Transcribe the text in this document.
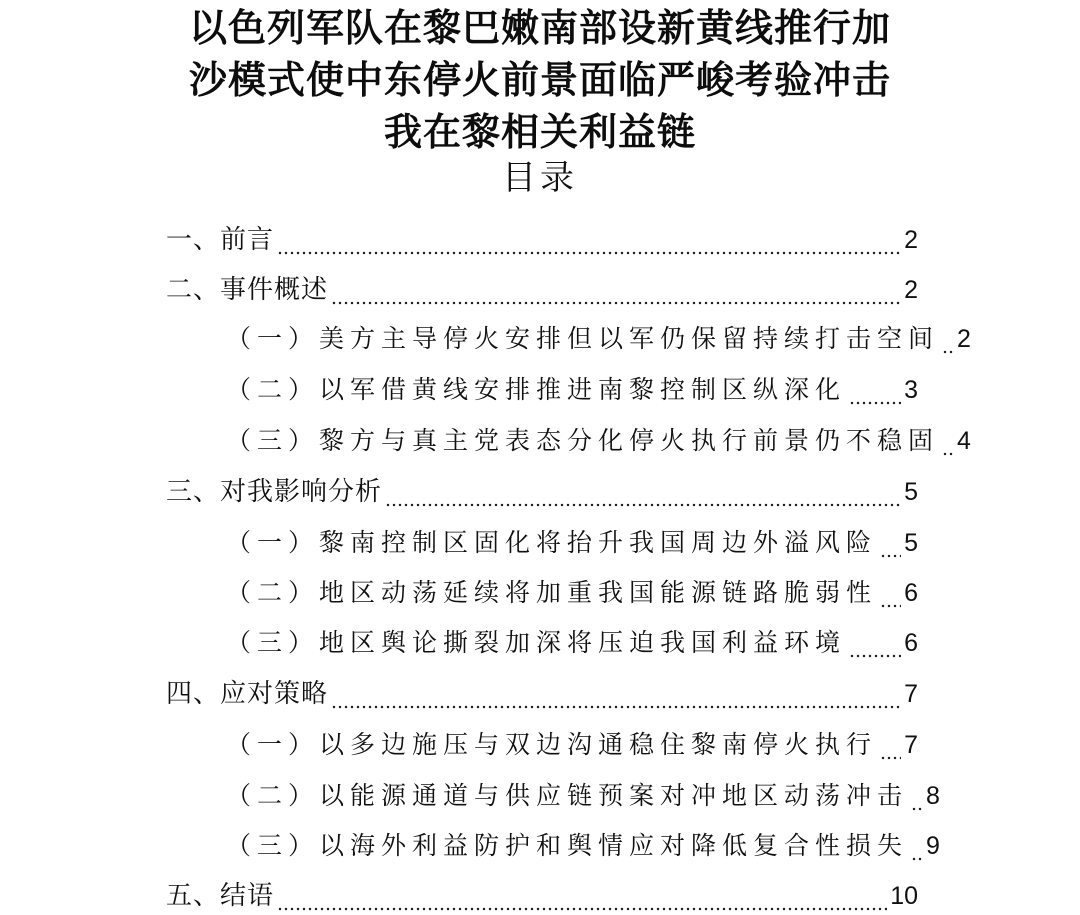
以色列军队在黎巴嫩南部设新黄线推行加
沙模式使中东停火前景面临严峻考验冲击
我在黎相关利益链
目录
一、前言	2
二、事件概述	2
（一）美方主导停火安排但以军仍保留持续打击空间 2
（二）以军借黄线安排推进南黎控制区纵深化 3
（三）黎方与真主党表态分化停火执行前景仍不稳固 4
三、对我影响分析	5
（一）黎南控制区固化将抬升我国周边外溢风险 5
（二）地区动荡延续将加重我国能源链路脆弱性 6
（三）地区舆论撕裂加深将压迫我国利益环境 6
四、应对策略	7
（一）以多边施压与双边沟通稳住黎南停火执行 7
（二）以能源通道与供应链预案对冲地区动荡冲击 8
（三）以海外利益防护和舆情应对降低复合性损失 9
五、结语	10
